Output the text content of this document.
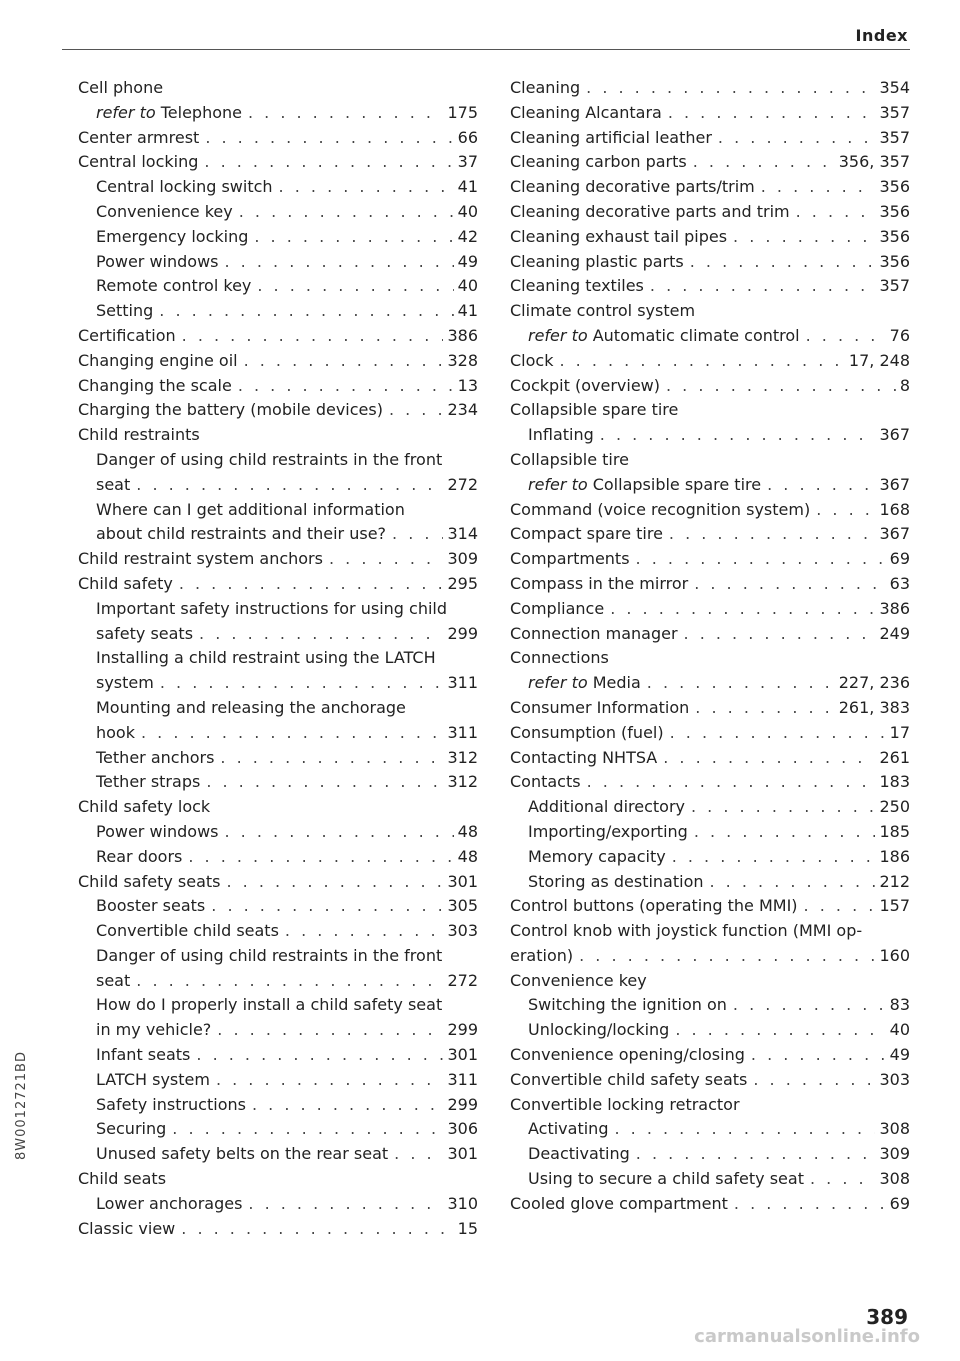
Index
Cell phone
refer to Telephone . . .	175
Center armrest . . .	66
Central locking . . .	37
Central locking switch . . .	41
Convenience key . . .	40
Emergency locking . . .	42
Power windows . . .	49
Remote control key . . .	40
Setting . . .	41
Certification . . .	386
Changing engine oil . . .	328
Changing the scale . . .	13
Charging the battery (mobile devices) . . .	234
Child restraints
Danger of using child restraints in the front
seat . . .	272
Where can I get additional information
about child restraints and their use? . . .	314
Child restraint system anchors . . .	309
Child safety . . .	295
Important safety instructions for using child
safety seats . . .	299
Installing a child restraint using the LATCH
system . . .	311
Mounting and releasing the anchorage
hook . . .	311
Tether anchors . . .	312
Tether straps . . .	312
Child safety lock
Power windows . . .	48
Rear doors . . .	48
Child safety seats . . .	301
Booster seats . . .	305
Convertible child seats . . .	303
Danger of using child restraints in the front
seat . . .	272
How do I properly install a child safety seat
in my vehicle? . . .	299
Infant seats . . .	301
LATCH system . . .	311
Safety instructions . . .	299
Securing . . .	306
Unused safety belts on the rear seat . . .	301
Child seats
Lower anchorages . . .	310
Classic view . . .	15
Cleaning . . .	354
Cleaning Alcantara . . .	357
Cleaning artificial leather . . .	357
Cleaning carbon parts . . .	356, 357
Cleaning decorative parts/trim . . .	356
Cleaning decorative parts and trim . . .	356
Cleaning exhaust tail pipes . . .	356
Cleaning plastic parts . . .	356
Cleaning textiles . . .	357
Climate control system
refer to Automatic climate control . . .	76
Clock . . .	17, 248
Cockpit (overview) . . .	8
Collapsible spare tire
Inflating . . .	367
Collapsible tire
refer to Collapsible spare tire . . .	367
Command (voice recognition system) . . .	168
Compact spare tire . . .	367
Compartments . . .	69
Compass in the mirror . . .	63
Compliance . . .	386
Connection manager . . .	249
Connections
refer to Media . . .	227, 236
Consumer Information . . .	261, 383
Consumption (fuel) . . .	17
Contacting NHTSA . . .	261
Contacts . . .	183
Additional directory . . .	250
Importing/exporting . . .	185
Memory capacity . . .	186
Storing as destination . . .	212
Control buttons (operating the MMI) . . .	157
Control knob with joystick function (MMI op-
eration) . . .	160
Convenience key
Switching the ignition on . . .	83
Unlocking/locking . . .	40
Convenience opening/closing . . .	49
Convertible child safety seats . . .	303
Convertible locking retractor
Activating . . .	308
Deactivating . . .	309
Using to secure a child safety seat . . .	308
Cooled glove compartment . . .	69
8W0012721BD
389
carmanualsonline.info
